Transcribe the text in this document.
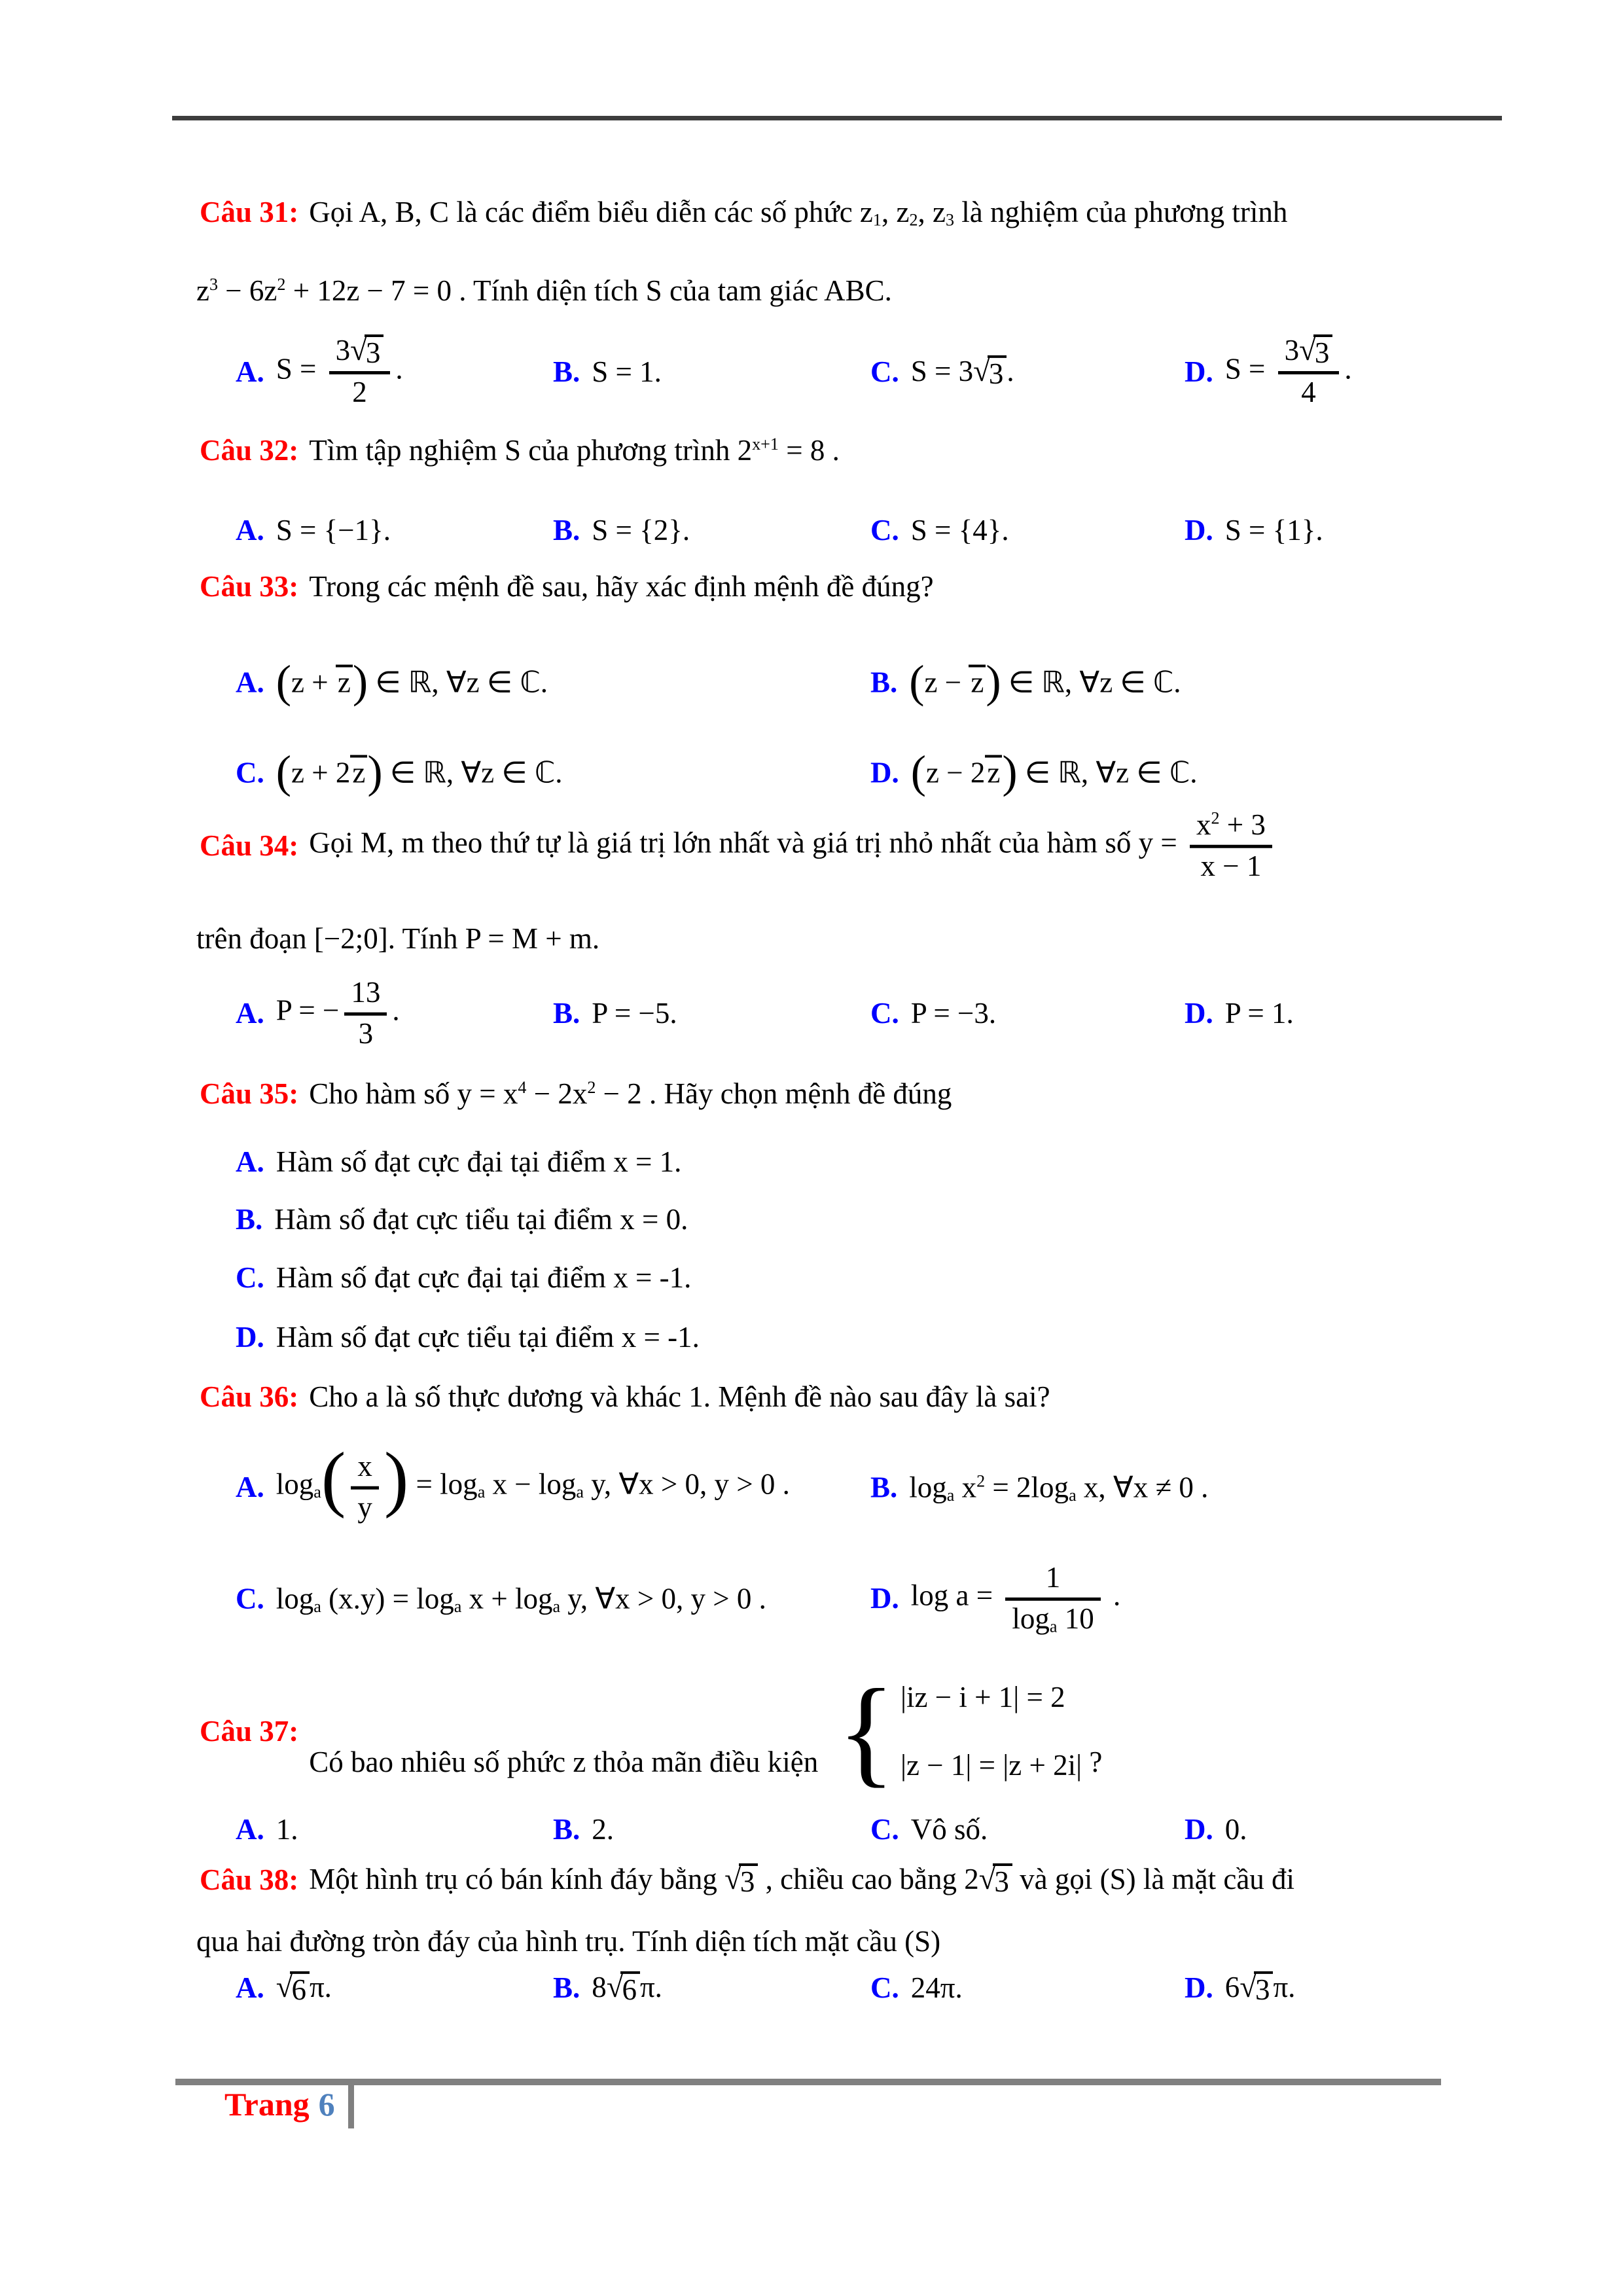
Câu 31: Gọi A, B, C là các điểm biểu diễn các số phức $z_1$, $z_2$, $z_3$ là nghiệm của phương trình
$z^3 - 6z^2 + 12z - 7 = 0$ . Tính diện tích S của tam giác ABC.
A. S = 3 √
3
2 .	B. S = 1.	C. S = 3 √
3 .	D. S = 3 √
3
4 .
Câu 32: Tìm tập nghiệm S của phương trình $2^{x+1} = 8$ .
A. S = {−1}.	B. S = {2}.	C. S = {4}.	D. S = {1}.
Câu 33: Trong các mệnh đề sau, hãy xác định mệnh đề đúng?
A. (z + z) ∈ ℝ, ∀z ∈ ℂ.	B. (z − z) ∈ ℝ, ∀z ∈ ℂ.
C. (z + 2z) ∈ ℝ, ∀z ∈ ℂ.	D. (z − 2z) ∈ ℝ, ∀z ∈ ℂ.
Câu 34: Gọi M, m theo thứ tự là giá trị lớn nhất và giá trị nhỏ nhất của hàm số $y = \frac{x^2 + 3}{x - 1}$
trên đoạn [−2;0]. Tính P = M + m.
A. P = − $\frac{13}{3}$ .	B. P = −5.	C. P = −3.	D. P = 1.
Câu 35: Cho hàm số $y = x^4 - 2x^2 - 2$ . Hãy chọn mệnh đề đúng
A. Hàm số đạt cực đại tại điểm x = 1.
B. Hàm số đạt cực tiểu tại điểm x = 0.
C. Hàm số đạt cực đại tại điểm x = -1.
D. Hàm số đạt cực tiểu tại điểm x = -1.
Câu 36: Cho a là số thực dương và khác 1. Mệnh đề nào sau đây là sai?
A. $\log_a( \frac{x}{y}$ ) = $\log_a x - \log_a y$, ∀x > 0, y > 0 .	B. $\log_a x^2 = 2\log_a$ x, ∀x ≠ 0 .
C. $\log_a (x.y) = \log_a x + \log_a y$, ∀x > 0, y > 0 .	D. $\log a = \frac{1}{\log_a 10}$ .
Câu 37:
Có bao nhiêu số phức z thỏa mãn điều kiện { |iz − i + 1| = 2
|z − 1| = |z + 2i| ?
A. 1.	B. 2.	C. Vô số.	D. 0.
Câu 38: Một hình trụ có bán kính đáy bằng √
3 , chiều cao bằng 2 √
3 và gọi (S) là mặt cầu đi
qua hai đường tròn đáy của hình trụ. Tính diện tích mặt cầu (S)
A. √
6 π.	B. 8 √
6 π.	C. 24π.	D. 6 √
3 π.
Trang 6
